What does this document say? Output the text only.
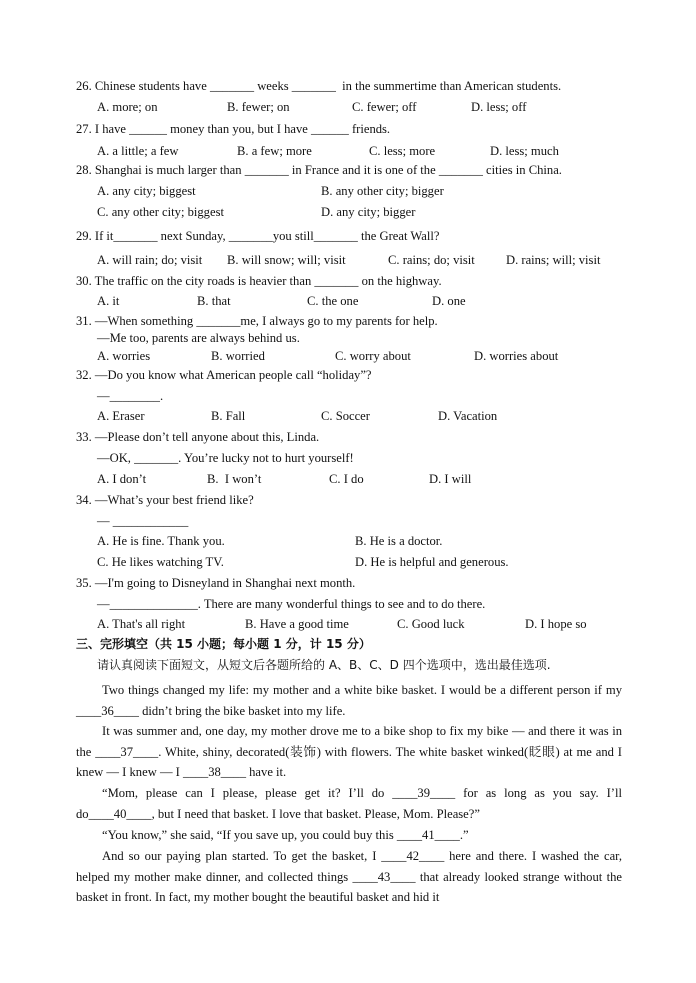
26. Chinese students have _______ weeks _______  in the summertime than American students.
A. more; on	B. fewer; on	C. fewer; off	D. less; off
27. I have ______ money than you, but I have ______ friends.
A. a little; a few	B. a few; more	C. less; more	D. less; much
28. Shanghai is much larger than _______ in France and it is one of the _______ cities in China.
A. any city; biggest	B. any other city; bigger
C. any other city; biggest	D. any city; bigger
29. If it_______ next Sunday, _______you still_______ the Great Wall?
A. will rain; do; visit B. will snow; will; visit	C. rains; do; visit D. rains; will; visit
30. The traffic on the city roads is heavier than _______ on the highway.
A. it	B. that	C. the one	D. one
31. —When something _______me, I always go to my parents for help.
—Me too, parents are always behind us.
A. worries	B. worried	C. worry about	D. worries about
32. —Do you know what American people call “holiday”?
—________.
A. Eraser	B. Fall	C. Soccer	D. Vacation
33. —Please don’t tell anyone about this, Linda.
—OK, _______. You’re lucky not to hurt yourself!
A. I don’t	B.  I won’t	C. I do	D. I will
34. —What’s your best friend like?
— ____________
A. He is fine. Thank you.	B. He is a doctor.
C. He likes watching TV.	D. He is helpful and generous.
35. —I'm going to Disneyland in Shanghai next month.
—______________. There are many wonderful things to see and to do there.
A. That's all right	B. Have a good time	C. Good luck	D. I hope so
三、完形填空（共 15 小题；每小题 1 分，计 15 分）
请认真阅读下面短文，从短文后各题所给的 A、B、C、D 四个选项中，选出最佳选项.
Two things changed my life: my mother and a white bike basket. I would be a different person if my ____36____ didn’t bring the bike basket into my life.
It was summer and, one day, my mother drove me to a bike shop to fix my bike — and there it was in the ____37____. White, shiny, decorated(装饰) with flowers. The white basket winked(眨眼) at me and I knew — I knew — I ____38____ have it.
“Mom, please can I please, please get it? I’ll do ____39____ for as long as you say. I’ll do____40____, but I need that basket. I love that basket. Please, Mom. Please?”
“You know,” she said, “If you save up, you could buy this ____41____.”
And so our paying plan started. To get the basket, I ____42____ here and there. I washed the car, helped my mother make dinner, and collected things ____43____ that already looked strange without the basket in front. In fact, my mother bought the beautiful basket and hid it
